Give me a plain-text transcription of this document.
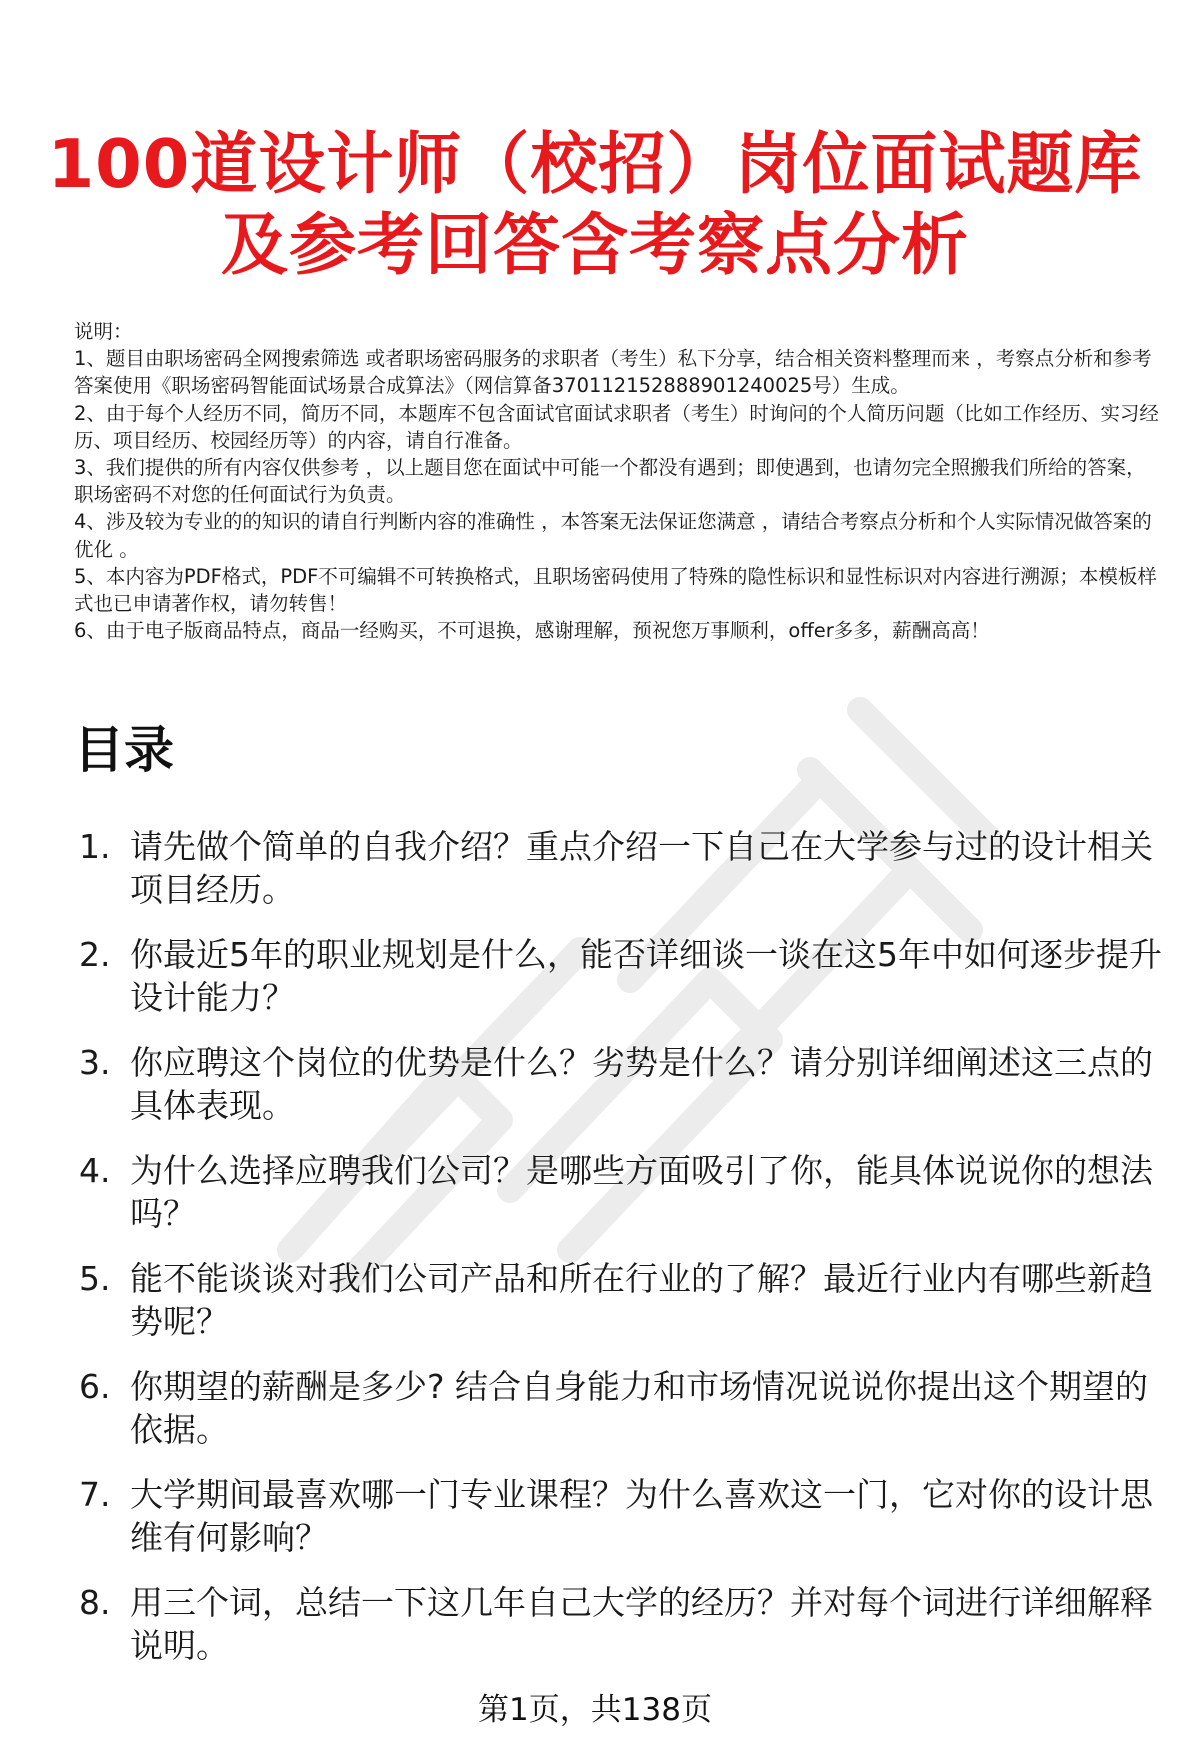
100道设计师（校招）岗位面试题库
及参考回答含考察点分析

说明：

1、题目由职场密码全网搜索筛选 或者职场密码服务的求职者（考生）私下分享，结合相关资料整理而来 ，考察点分析和参考答案使用《职场密码智能面试场景合成算法》（网信算备370112152888901240025号）生成。

2、由于每个人经历不同，简历不同，本题库不包含面试官面试求职者（考生）时询问的个人简历问题（比如工作经历、实习经历、项目经历、校园经历等）的内容，请自行准备。

3、我们提供的所有内容仅供参考 ，以上题目您在面试中可能一个都没有遇到；即使遇到，也请勿完全照搬我们所给的答案，职场密码不对您的任何面试行为负责。

4、涉及较为专业的的知识的请自行判断内容的准确性 ，本答案无法保证您满意 ，请结合考察点分析和个人实际情况做答案的优化 。

5、本内容为PDF格式，PDF不可编辑不可转换格式，且职场密码使用了特殊的隐性标识和显性标识对内容进行溯源；本模板样式也已申请著作权，请勿转售！

6、由于电子版商品特点，商品一经购买，不可退换，感谢理解，预祝您万事顺利，offer多多，薪酬高高！

目录
1. 请先做个简单的自我介绍？重点介绍一下自己在大学参与过的设计相关项目经历。
2. 你最近5年的职业规划是什么，能否详细谈一谈在这5年中如何逐步提升设计能力？
3. 你应聘这个岗位的优势是什么？劣势是什么？请分别详细阐述这三点的具体表现。
4. 为什么选择应聘我们公司？是哪些方面吸引了你，能具体说说你的想法吗？
5. 能不能谈谈对我们公司产品和所在行业的了解？最近行业内有哪些新趋势呢？
6. 你期望的薪酬是多少? 结合自身能力和市场情况说说你提出这个期望的依据。
7. 大学期间最喜欢哪一门专业课程？为什么喜欢这一门，它对你的设计思维有何影响？
8. 用三个词，总结一下这几年自己大学的经历？并对每个词进行详细解释说明。
第1页，共138页
